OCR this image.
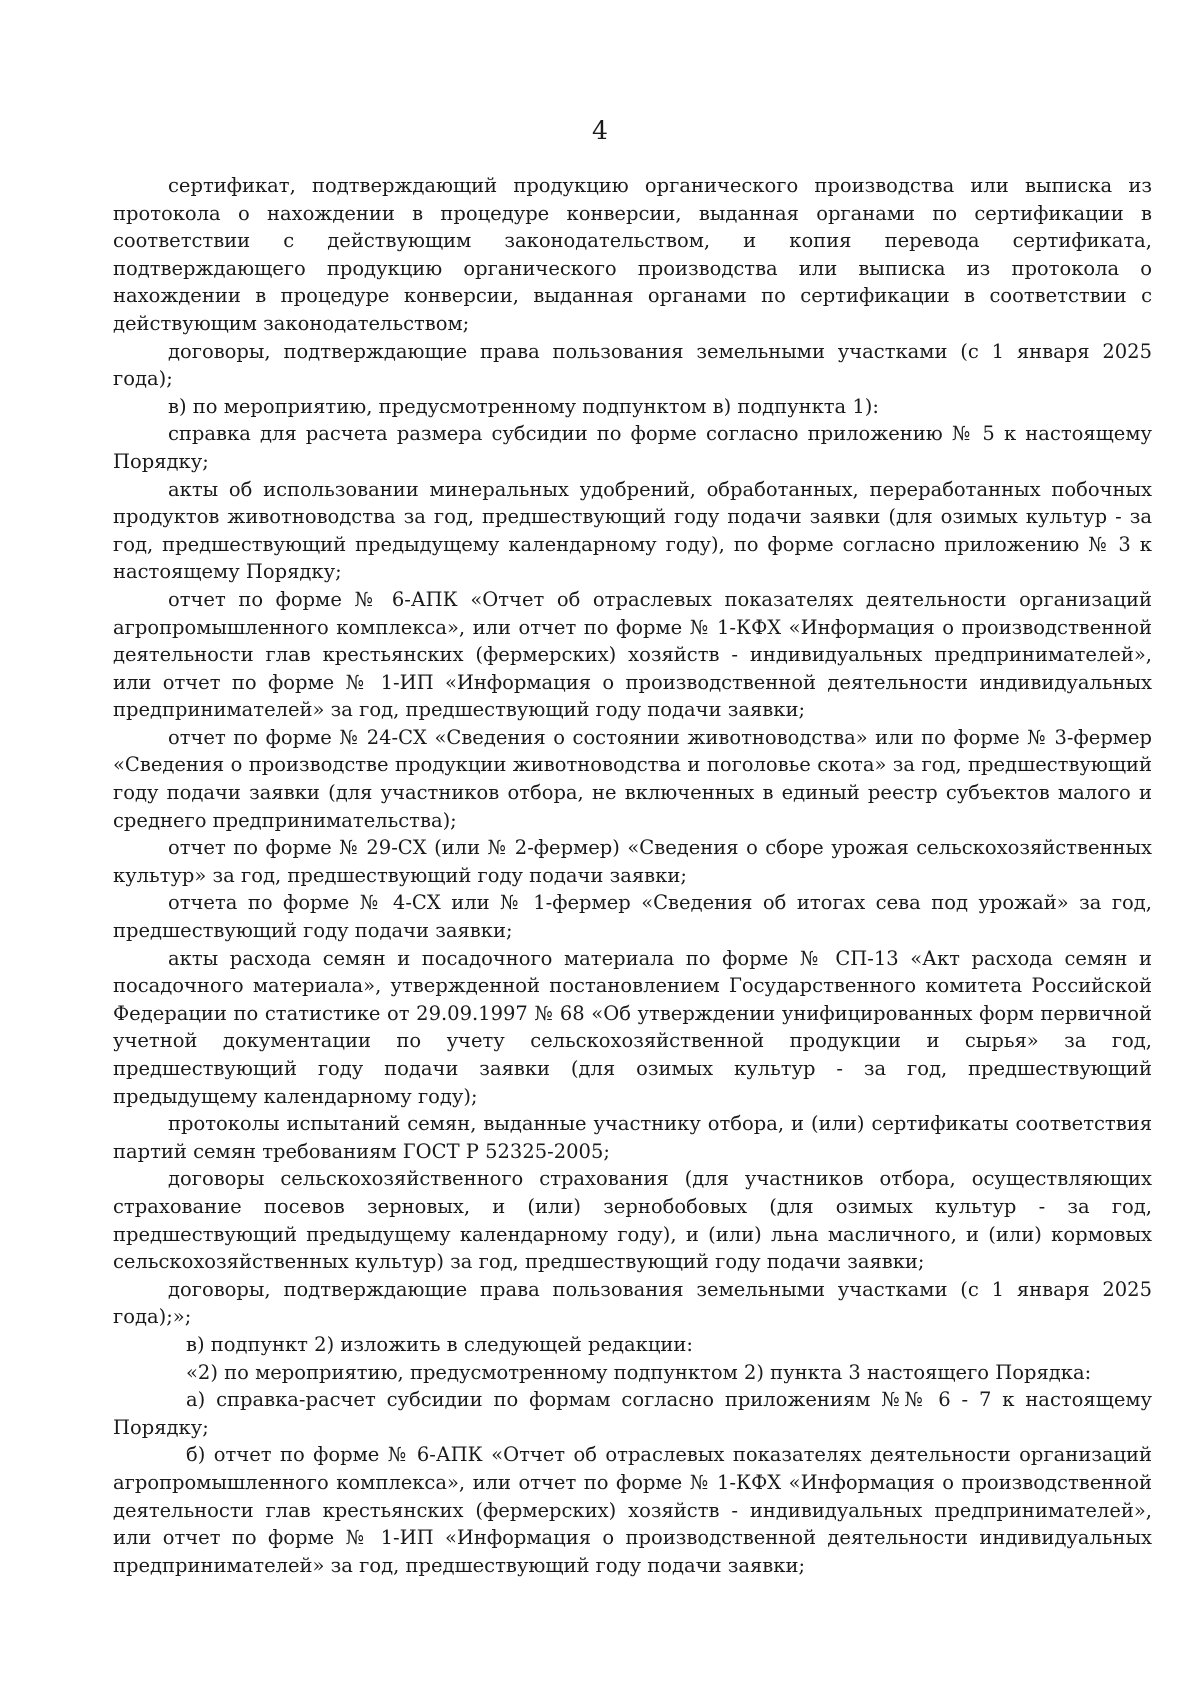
4

сертификат, подтверждающий продукцию органического производства или выписка из протокола о нахождении в процедуре конверсии, выданная органами по сертификации в соответствии с действующим законодательством, и копия перевода сертификата, подтверждающего продукцию органического производства или выписка из протокола о нахождении в процедуре конверсии, выданная органами по сертификации в соответствии с действующим законодательством;

договоры, подтверждающие права пользования земельными участками (с 1 января 2025 года);

в) по мероприятию, предусмотренному подпунктом в) подпункта 1):

справка для расчета размера субсидии по форме согласно приложению № 5 к настоящему Порядку;

акты об использовании минеральных удобрений, обработанных, переработанных побочных продуктов животноводства за год, предшествующий году подачи заявки (для озимых культур - за год, предшествующий предыдущему календарному году), по форме согласно приложению № 3 к настоящему Порядку;

отчет по форме № 6-АПК «Отчет об отраслевых показателях деятельности организаций агропромышленного комплекса», или отчет по форме № 1-КФХ «Информация о производственной деятельности глав крестьянских (фермерских) хозяйств - индивидуальных предпринимателей», или отчет по форме № 1-ИП «Информация о производственной деятельности индивидуальных предпринимателей» за год, предшествующий году подачи заявки;

отчет по форме № 24-СХ «Сведения о состоянии животноводства» или по форме № 3-фермер «Сведения о производстве продукции животноводства и поголовье скота» за год, предшествующий году подачи заявки (для участников отбора, не включенных в единый реестр субъектов малого и среднего предпринимательства);

отчет по форме № 29-СХ (или № 2-фермер) «Сведения о сборе урожая сельскохозяйственных культур» за год, предшествующий году подачи заявки;

отчета по форме № 4-СХ или № 1-фермер «Сведения об итогах сева под урожай» за год, предшествующий году подачи заявки;

акты расхода семян и посадочного материала по форме № СП-13 «Акт расхода семян и посадочного материала», утвержденной постановлением Государственного комитета Российской Федерации по статистике от 29.09.1997 № 68 «Об утверждении унифицированных форм первичной учетной документации по учету сельскохозяйственной продукции и сырья» за год, предшествующий году подачи заявки (для озимых культур - за год, предшествующий предыдущему календарному году);

протоколы испытаний семян, выданные участнику отбора, и (или) сертификаты соответствия партий семян требованиям ГОСТ Р 52325-2005;

договоры сельскохозяйственного страхования (для участников отбора, осуществляющих страхование посевов зерновых, и (или) зернобобовых (для озимых культур - за год, предшествующий предыдущему календарному году), и (или) льна масличного, и (или) кормовых сельскохозяйственных культур) за год, предшествующий году подачи заявки;

договоры, подтверждающие права пользования земельными участками (с 1 января 2025 года);»;

в) подпункт 2) изложить в следующей редакции:

«2) по мероприятию, предусмотренному подпунктом 2) пункта 3 настоящего Порядка:

а) справка-расчет субсидии по формам согласно приложениям №№ 6 - 7 к настоящему Порядку;

б) отчет по форме № 6-АПК «Отчет об отраслевых показателях деятельности организаций агропромышленного комплекса», или отчет по форме № 1-КФХ «Информация о производственной деятельности глав крестьянских (фермерских) хозяйств - индивидуальных предпринимателей», или отчет по форме № 1-ИП «Информация о производственной деятельности индивидуальных предпринимателей» за год, предшествующий году подачи заявки;
